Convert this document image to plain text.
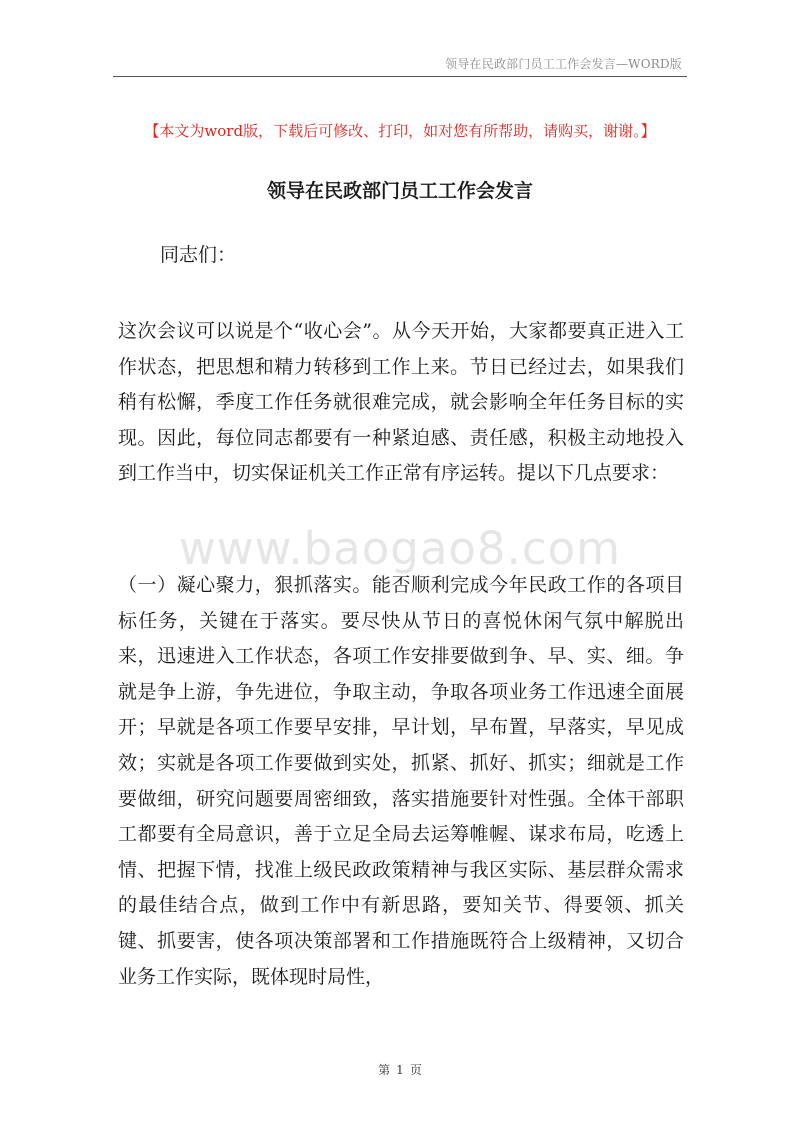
领导在民政部门员工工作会发言—WORD版
【本文为word版，下载后可修改、打印，如对您有所帮助，请购买，谢谢。】
领导在民政部门员工工作会发言
同志们：
www.baogao8.com

这次会议可以说是个“收心会”。从今天开始，大家都要真正进入工作状态，把思想和精力转移到工作上来。节日已经过去，如果我们稍有松懈，季度工作任务就很难完成，就会影响全年任务目标的实现。因此，每位同志都要有一种紧迫感、责任感，积极主动地投入到工作当中，切实保证机关工作正常有序运转。提以下几点要求：

（一）凝心聚力，狠抓落实。能否顺利完成今年民政工作的各项目标任务，关键在于落实。要尽快从节日的喜悦休闲气氛中解脱出来，迅速进入工作状态，各项工作安排要做到争、早、实、细。争就是争上游，争先进位，争取主动，争取各项业务工作迅速全面展开；早就是各项工作要早安排，早计划，早布置，早落实，早见成效；实就是各项工作要做到实处，抓紧、抓好、抓实；细就是工作要做细，研究问题要周密细致，落实措施要针对性强。全体干部职工都要有全局意识，善于立足全局去运筹帷幄、谋求布局，吃透上情、把握下情，找准上级民政政策精神与我区实际、基层群众需求的最佳结合点，做到工作中有新思路，要知关节、得要领、抓关键、抓要害，使各项决策部署和工作措施既符合上级精神，又切合业务工作实际，既体现时局性，

第 1 页
